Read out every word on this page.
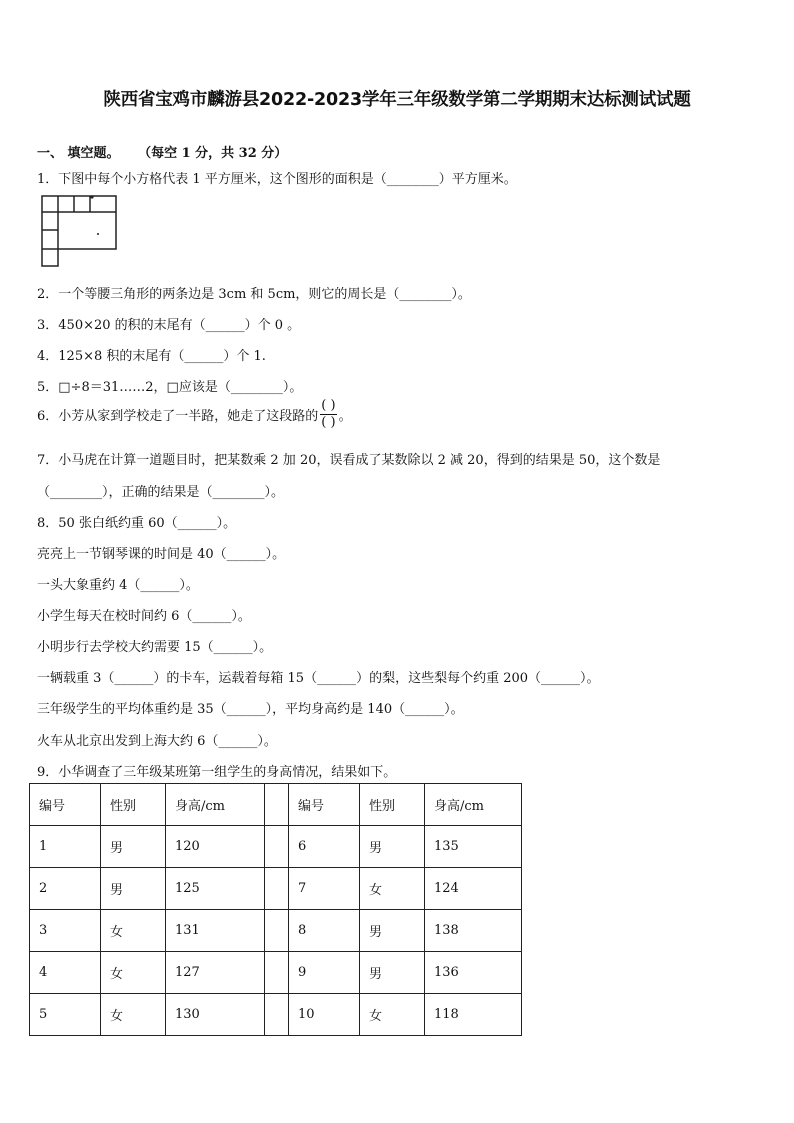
陕西省宝鸡市麟游县2022-2023学年三年级数学第二学期期末达标测试试题
一、 填空题。 （每空 1 分，共 32 分）
1．下图中每个小方格代表 1 平方厘米，这个图形的面积是（________）平方厘米。
2．一个等腰三角形的两条边是 3cm 和 5cm，则它的周长是（________）。
3．450×20 的积的末尾有（______）个 0 。
4．125×8 积的末尾有（______）个 1.
5．□÷8＝31……2，□应该是（________）。
6．小芳从家到学校走了一半路，她走了这段路的 $\frac{( )}{( )}$ 。
7．小马虎在计算一道题目时，把某数乘 2 加 20，误看成了某数除以 2 减 20，得到的结果是 50，这个数是
（________），正确的结果是（________）。
8．50 张白纸约重 60（______）。
亮亮上一节钢琴课的时间是 40（______）。
一头大象重约 4（______）。
小学生每天在校时间约 6（______）。
小明步行去学校大约需要 15（______）。
一辆载重 3（______）的卡车，运载着每箱 15（______）的梨，这些梨每个约重 200（______）。
三年级学生的平均体重约是 35（______），平均身高约是 140（______）。
火车从北京出发到上海大约 6（______）。
9．小华调查了三年级某班第一组学生的身高情况，结果如下。
编号	性别	身高/cm		编号	性别	身高/cm
1	男	120		6	男	135
2	男	125		7	女	124
3	女	131		8	男	138
4	女	127		9	男	136
5	女	130		10	女	118
